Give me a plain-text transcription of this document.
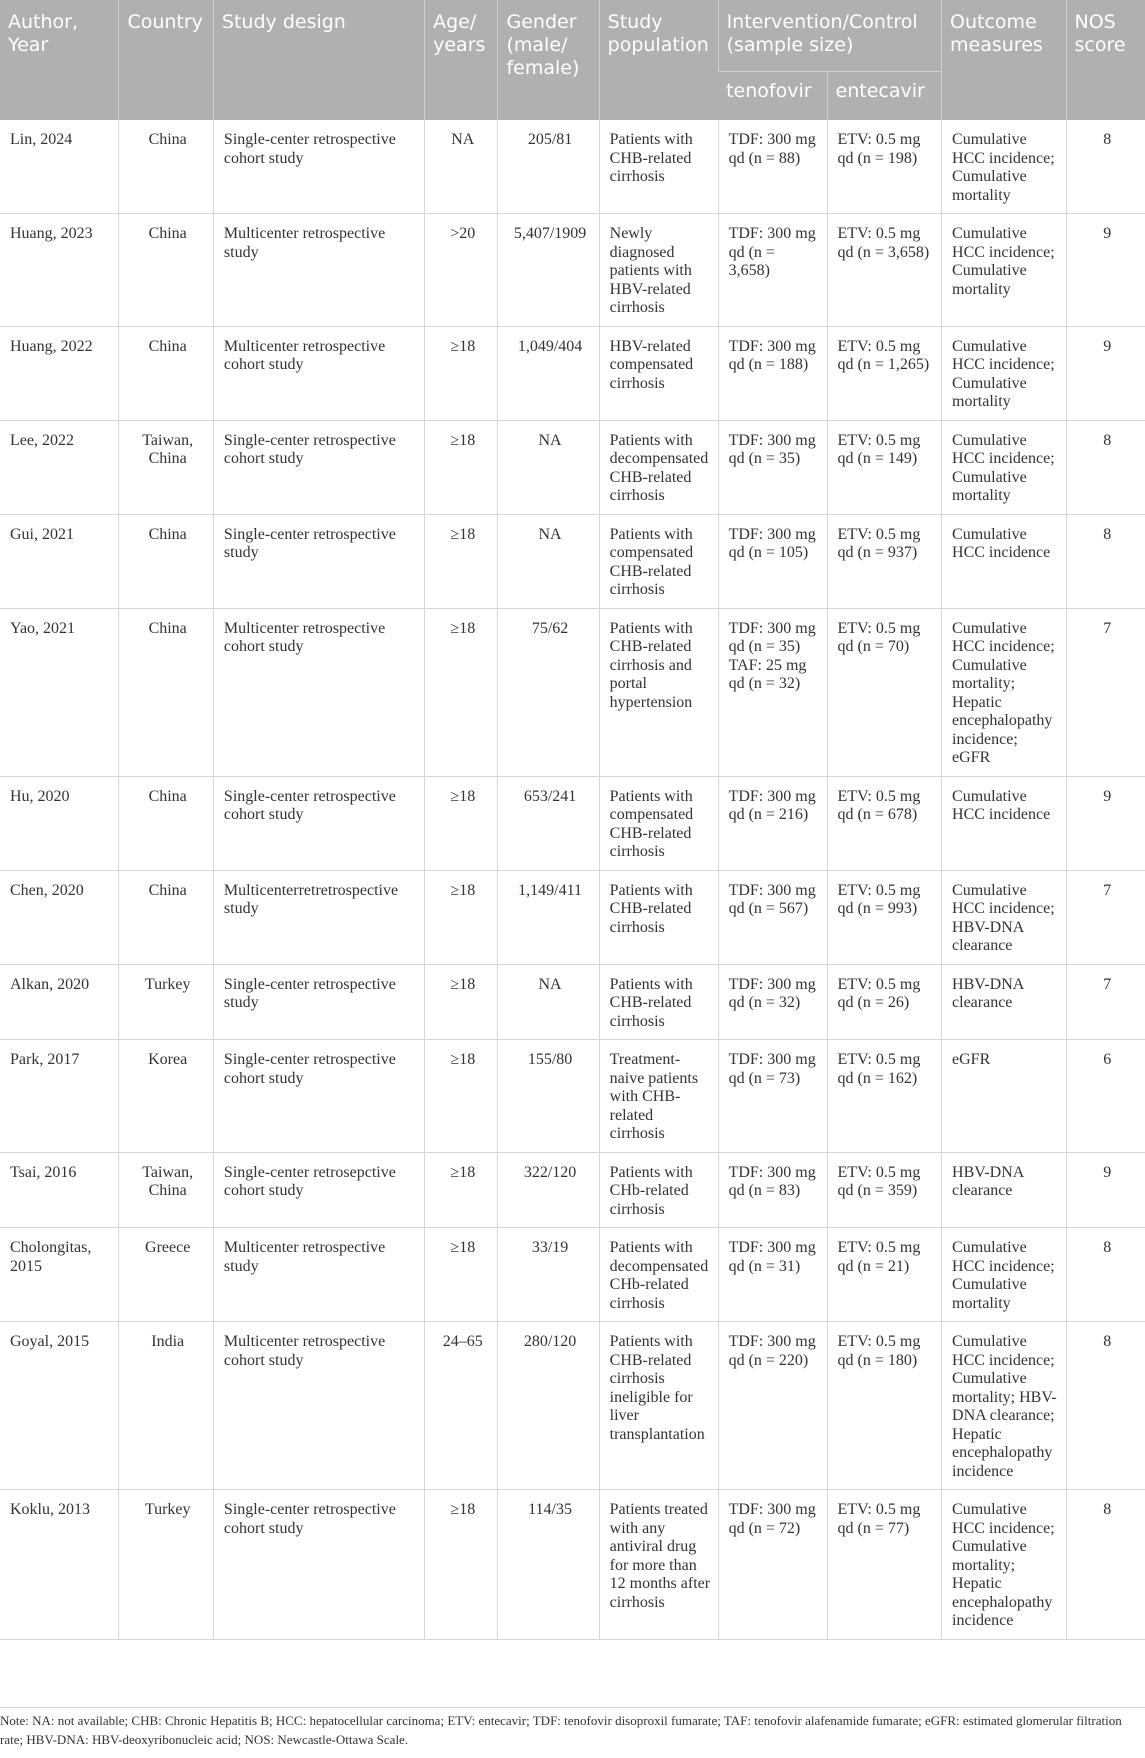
Author, Year	Country	Study design	Age/ years	Gender (male/ female)	Study population	Intervention/Control (sample size)		Outcome measures	NOS score
						tenofovir	entecavir		
Lin, 2024	China	Single-center retrospective cohort study	NA	205/81	Patients with CHB-related cirrhosis	TDF: 300 mg qd (n = 88)	ETV: 0.5 mg qd (n = 198)	Cumulative HCC incidence; Cumulative mortality	8
Huang, 2023	China	Multicenter retrospective study	>20	5,407/1909	Newly diagnosed patients with HBV-related cirrhosis	TDF: 300 mg qd (n = 3,658)	ETV: 0.5 mg qd (n = 3,658)	Cumulative HCC incidence; Cumulative mortality	9
Huang, 2022	China	Multicenter retrospective cohort study	≥18	1,049/404	HBV-related compensated cirrhosis	TDF: 300 mg qd (n = 188)	ETV: 0.5 mg qd (n = 1,265)	Cumulative HCC incidence; Cumulative mortality	9
Lee, 2022	Taiwan, China	Single-center retrospective cohort study	≥18	NA	Patients with decompensated CHB-related cirrhosis	TDF: 300 mg qd (n = 35)	ETV: 0.5 mg qd (n = 149)	Cumulative HCC incidence; Cumulative mortality	8
Gui, 2021	China	Single-center retrospective study	≥18	NA	Patients with compensated CHB-related cirrhosis	TDF: 300 mg qd (n = 105)	ETV: 0.5 mg qd (n = 937)	Cumulative HCC incidence	8
Yao, 2021	China	Multicenter retrospective cohort study	≥18	75/62	Patients with CHB-related cirrhosis and portal hypertension	TDF: 300 mg qd (n = 35) TAF: 25 mg qd (n = 32)	ETV: 0.5 mg qd (n = 70)	Cumulative HCC incidence; Cumulative mortality; Hepatic encephalopathy incidence; eGFR	7
Hu, 2020	China	Single-center retrospective cohort study	≥18	653/241	Patients with compensated CHB-related cirrhosis	TDF: 300 mg qd (n = 216)	ETV: 0.5 mg qd (n = 678)	Cumulative HCC incidence	9
Chen, 2020	China	Multicenterretretrospective study	≥18	1,149/411	Patients with CHB-related cirrhosis	TDF: 300 mg qd (n = 567)	ETV: 0.5 mg qd (n = 993)	Cumulative HCC incidence; HBV-DNA clearance	7
Alkan, 2020	Turkey	Single-center retrospective study	≥18	NA	Patients with CHB-related cirrhosis	TDF: 300 mg qd (n = 32)	ETV: 0.5 mg qd (n = 26)	HBV-DNA clearance	7
Park, 2017	Korea	Single-center retrospective cohort study	≥18	155/80	Treatment-naive patients with CHB-related cirrhosis	TDF: 300 mg qd (n = 73)	ETV: 0.5 mg qd (n = 162)	eGFR	6
Tsai, 2016	Taiwan, China	Single-center retrosepctive cohort study	≥18	322/120	Patients with CHb-related cirrhosis	TDF: 300 mg qd (n = 83)	ETV: 0.5 mg qd (n = 359)	HBV-DNA clearance	9
Cholongitas, 2015	Greece	Multicenter retrospective study	≥18	33/19	Patients with decompensated CHb-related cirrhosis	TDF: 300 mg qd (n = 31)	ETV: 0.5 mg qd (n = 21)	Cumulative HCC incidence; Cumulative mortality	8
Goyal, 2015	India	Multicenter retrospective cohort study	24–65	280/120	Patients with CHB-related cirrhosis ineligible for liver transplantation	TDF: 300 mg qd (n = 220)	ETV: 0.5 mg qd (n = 180)	Cumulative HCC incidence; Cumulative mortality; HBV-DNA clearance; Hepatic encephalopathy incidence	8
Koklu, 2013	Turkey	Single-center retrospective cohort study	≥18	114/35	Patients treated with any antiviral drug for more than 12 months after cirrhosis	TDF: 300 mg qd (n = 72)	ETV: 0.5 mg qd (n = 77)	Cumulative HCC incidence; Cumulative mortality; Hepatic encephalopathy incidence	8
Note: NA: not available; CHB: Chronic Hepatitis B; HCC: hepatocellular carcinoma; ETV: entecavir; TDF: tenofovir disoproxil fumarate; TAF: tenofovir alafenamide fumarate; eGFR: estimated glomerular filtration rate; HBV-DNA: HBV-deoxyribonucleic acid; NOS: Newcastle-Ottawa Scale.
